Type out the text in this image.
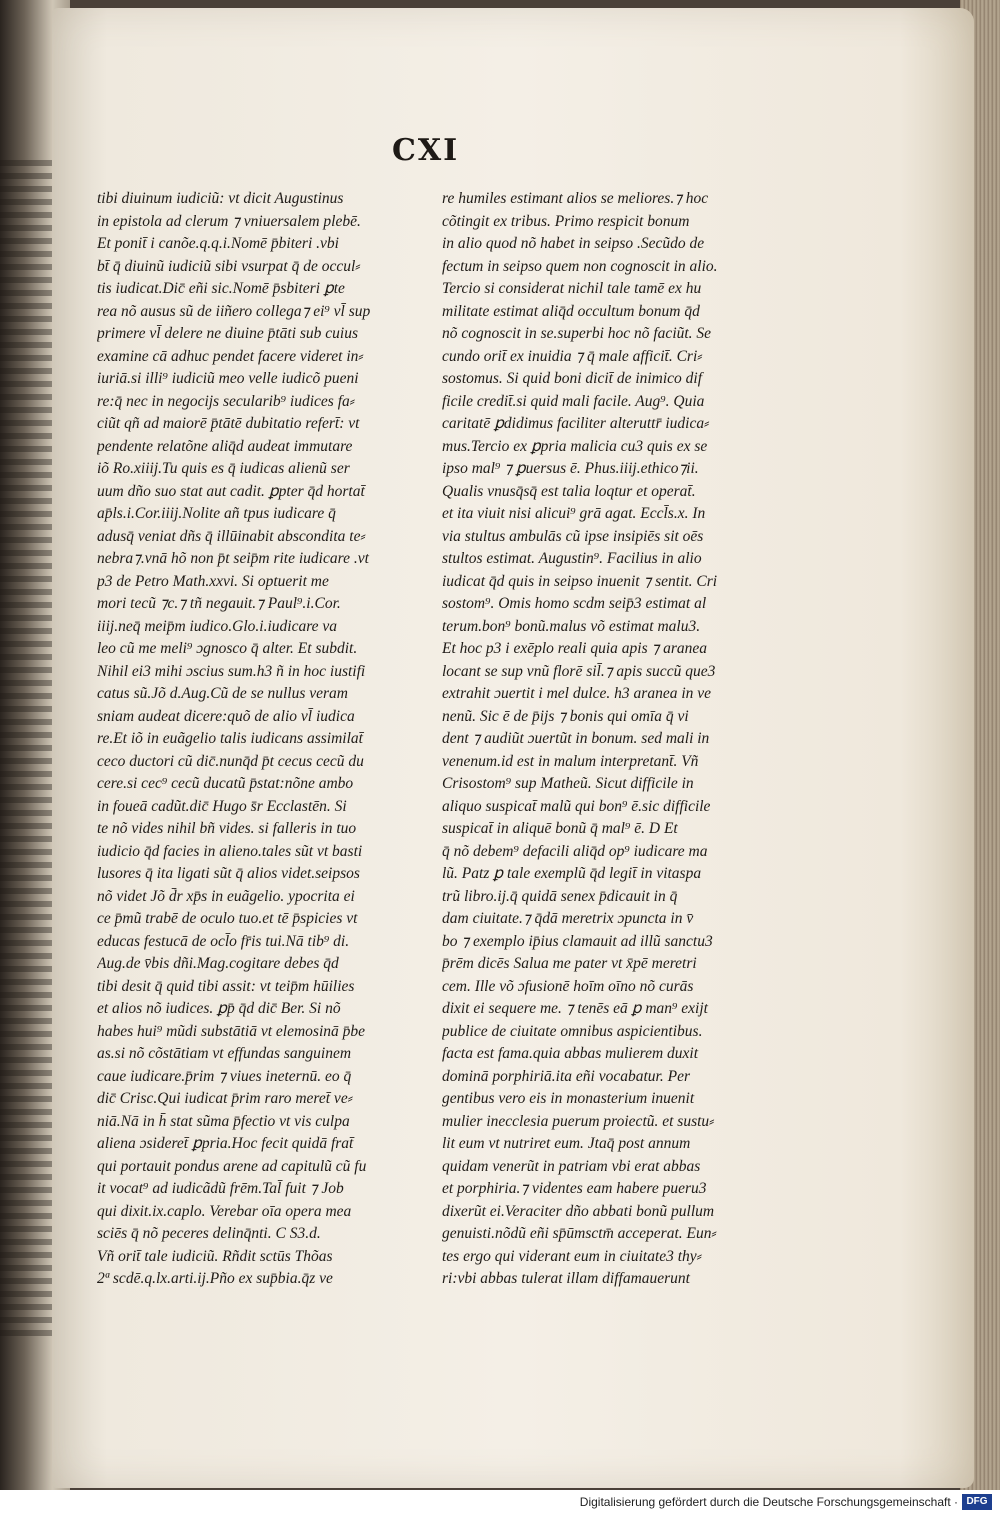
CXI
tibi diuinum iudiciũ: vt dicit Augustinus
in epistola ad clerum ⁊ vniuersalem plebē.
Et ponit̄ i canõe.q.q.i.Nomē p̄biteri .vbi
bt̄ q̄ diuinũ iudiciũ sibi vsurpat q̄ de occul⸗
tis iudicat.Dic̄ eñi sic.Nomē p̄sbiteri ꝑte
rea nõ ausus sũ de iiñero collega⁊ ei⁹ vl̄ sup
primere vl̄ delere ne diuine p̄tāti sub cuius
examine cā adhuc pendet facere videret in⸗
iuriā.si illi⁹ iudiciũ meo velle iudicõ pueni
re:q̄ nec in negocijs secularib⁹ iudices fa⸗
ciũt qñ ad maiorē p̄tātē dubitatio refert̄: vt
pendente relatõne aliq̄d audeat immutare
iõ Ro.xiiij.Tu quis es q̄ iudicas alienũ ser
uum dño suo stat aut cadit. ꝑpter q̄d hortat̄
ap̄ls.i.Cor.iiij.Nolite añ tpus iudicare q̄
adusq̄ veniat dñs q̄ illūinabit abscondita te⸗
nebra⁊.vnā hõ non p̄t seip̄m rite iudicare .vt
p3 de Petro Math.xxvi. Si optuerit me
mori tecũ ⁊c.⁊ tñ negauit.⁊ Paul⁹.i.Cor.
iiij.neq̄ meip̄m iudico.Glo.i.iudicare va
leo cũ me meli⁹ ɔgnosco q̄ alter. Et subdit.
Nihil ei3 mihi ɔscius sum.h3 ñ in hoc iustifi
catus sũ.Jõ d.Aug.Cũ de se nullus veram
sniam audeat dicere:quõ de alio vl̄ iudica
re.Et iõ in euãgelio talis iudicans assimilat̄
ceco ductori cũ dic̄.nunq̄d p̄t cecus cecũ du
cere.si cec⁹ cecũ ducatũ p̄stat:nõne ambo
in foueā cadũt.dic̄ Hugo s̄r Ecclastēn. Si
te nõ vides nihil bñ vides. si falleris in tuo
iudicio q̄d facies in alieno.tales sũt vt basti
lusores q̄ ita ligati sũt q̄ alios videt.seipsos
nõ videt Jõ d̄r xp̄s in euãgelio. ypocrita ei
ce p̄mũ trabē de oculo tuo.et tē p̄spicies vt
educas festucā de ocl̄o fr̄is tui.Nā tib⁹ di.
Aug.de v̄bis dñi.Mag.cogitare debes q̄d
tibi desit q̄ quid tibi assit: vt teip̄m hūilies
et alios nõ iudices. ꝑp̄ q̄d dic̄ Ber. Si nõ
habes hui⁹ mũdi substātiā vt elemosinā p̄be
as.si nõ cõstātiam vt effundas sanguinem
caue iudicare.p̄rim ⁊ viues ineternū. eo q̄
dic̄ Crisc.Qui iudicat p̄rim raro meret̄ ve⸗
niā.Nā in h̄ stat sũma p̄fectio vt vis culpa
aliena ɔsideret̄ ꝑpria.Hoc fecit quidā frat̄
qui portauit pondus arene ad capitulũ cũ fu
it vocat⁹ ad iudicãdũ frēm.Tal̄ fuit ⁊ Job
qui dixit.ix.caplo. Verebar oīa opera mea
sciēs q̄ nõ peceres delinq̄nti. C S3.d.
Vñ orit̄ tale iudiciũ. Rñdit sctūs Thõas
2ª scdē.q.lx.arti.ij.Pño ex sup̄bia.q̄z ve
re humiles estimant alios se meliores.⁊ hoc
cõtingit ex tribus. Primo respicit bonum
in alio quod nõ habet in seipso .Secũdo de
fectum in seipso quem non cognoscit in alio.
Tercio si considerat nichil tale tamē ex hu
militate estimat aliq̄d occultum bonum q̄d
nõ cognoscit in se.superbi hoc nõ faciũt. Se
cundo orit̄ ex inuidia ⁊ q̄ male afficit̄. Cri⸗
sostomus. Si quid boni dicit̄ de inimico dif
ficile credit̄.si quid mali facile. Aug⁹. Quia
caritatē ꝑdidimus faciliter alteruttr̄ iudica⸗
mus.Tercio ex ꝑpria malicia cu3 quis ex se
ipso mal⁹ ⁊ ꝑuersus ē. Phus.iiij.ethico⁊ii.
Qualis vnusq̄sq̄ est talia loqtur et operat̄.
et ita viuit nisi alicui⁹ grā agat. Eccl̄s.x. In
via stultus ambulās cũ ipse insipiēs sit oēs
stultos estimat. Augustin⁹. Facilius in alio
iudicat q̄d quis in seipso inuenit ⁊ sentit. Cri
sostom⁹. Omis homo scdm seip̄3 estimat al
terum.bon⁹ bonũ.malus võ estimat malu3.
Et hoc p3 i exēplo reali quia apis ⁊ aranea
locant se sup vnũ florē sil̄.⁊ apis succũ que3
extrahit ɔuertit i mel dulce. h3 aranea in ve
nenũ. Sic ē de p̄ijs ⁊ bonis qui omīa q̄ vi
dent ⁊ audiũt ɔuertũt in bonum. sed mali in
venenum.id est in malum interpretant̄. Vñ
Crisostom⁹ sup Matheũ. Sicut difficile in
aliquo suspicat̄ malũ qui bon⁹ ē.sic difficile
suspicat̄ in aliquē bonũ q̄ mal⁹ ē. D Et
q̄ nõ debem⁹ defacili aliq̄d op⁹ iudicare ma
lũ. Patz ꝑ tale exemplũ q̄d legit̄ in vitaspa
trũ libro.ij.q̄ quidā senex p̄dicauit in q̄
dam ciuitate.⁊ q̄dā meretrix ɔpuncta in v̄
bo ⁊ exemplo ip̄ius clamauit ad illũ sanctu3
p̄rēm dicēs Salua me pater vt x̄pē meretri
cem. Ille võ ɔfusionē hoīm oīno nõ curās
dixit ei sequere me. ⁊ tenēs eā ꝑ man⁹ exijt
publice de ciuitate omnibus aspicientibus.
facta est fama.quia abbas mulierem duxit
dominā porphiriā.ita eñi vocabatur. Per
gentibus vero eis in monasterium inuenit
mulier inecclesia puerum proiectũ. et sustu⸗
lit eum vt nutriret eum. Jtaq̄ post annum
quidam venerũt in patriam vbi erat abbas
et porphiria.⁊ videntes eam habere pueru3
dixerũt ei.Veraciter dño abbati bonũ pullum
genuisti.nõdũ eñi sp̄ūmsctm̄ acceperat. Eun⸗
tes ergo qui viderant eum in ciuitate3 thy⸗
ri:vbi abbas tulerat illam diffamauerunt
Digitalisierung gefördert durch die Deutsche Forschungsgemeinschaft · DFG
